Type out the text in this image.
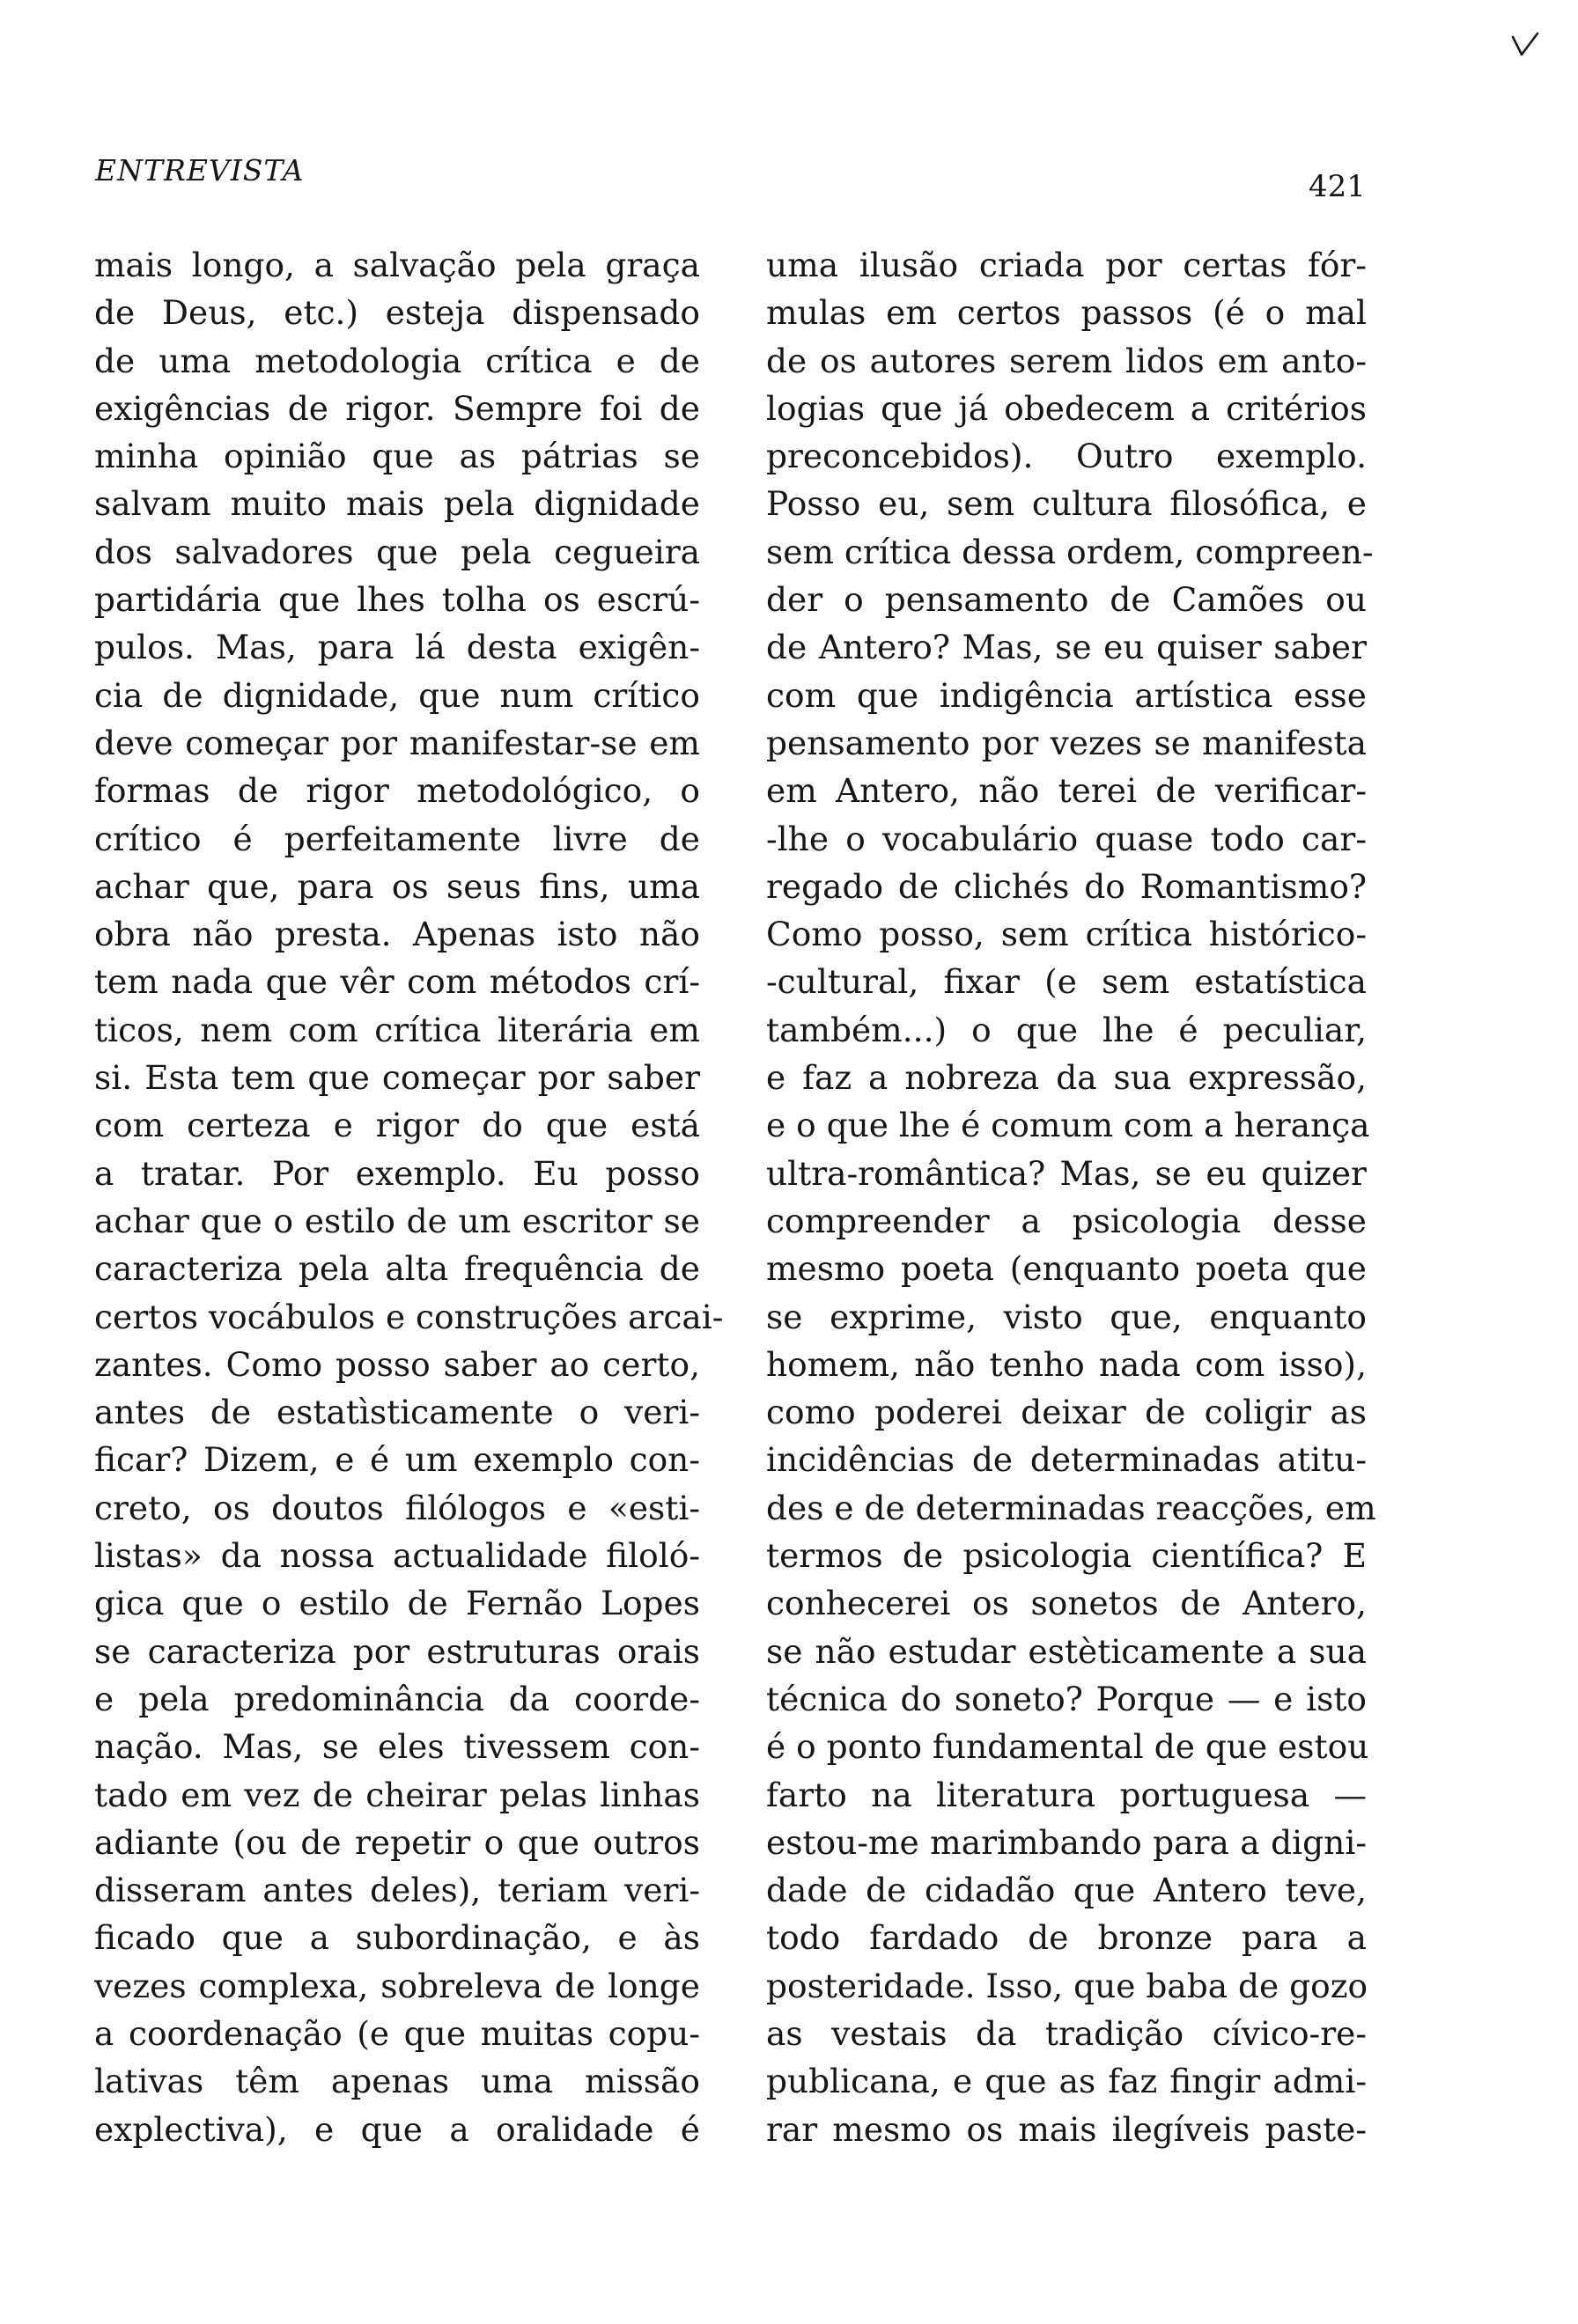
ENTREVISTA	421
mais longo, a salvação pela graça
de Deus, etc.) esteja dispensado
de uma metodologia crítica e de
exigências de rigor. Sempre foi de
minha opinião que as pátrias se
salvam muito mais pela dignidade
dos salvadores que pela cegueira
partidária que lhes tolha os escrú-
pulos. Mas, para lá desta exigên-
cia de dignidade, que num crítico
deve começar por manifestar-se em
formas de rigor metodológico, o
crítico é perfeitamente livre de
achar que, para os seus fins, uma
obra não presta. Apenas isto não
tem nada que vêr com métodos crí-
ticos, nem com crítica literária em
si. Esta tem que começar por saber
com certeza e rigor do que está
a tratar. Por exemplo. Eu posso
achar que o estilo de um escritor se
caracteriza pela alta frequência de
certos vocábulos e construções arcai-
zantes. Como posso saber ao certo,
antes de estatìsticamente o veri-
ficar? Dizem, e é um exemplo con-
creto, os doutos filólogos e «esti-
listas» da nossa actualidade filoló-
gica que o estilo de Fernão Lopes
se caracteriza por estruturas orais
e pela predominância da coorde-
nação. Mas, se eles tivessem con-
tado em vez de cheirar pelas linhas
adiante (ou de repetir o que outros
disseram antes deles), teriam veri-
ficado que a subordinação, e às
vezes complexa, sobreleva de longe
a coordenação (e que muitas copu-
lativas têm apenas uma missão
explectiva), e que a oralidade é
uma ilusão criada por certas fór-
mulas em certos passos (é o mal
de os autores serem lidos em anto-
logias que já obedecem a critérios
preconcebidos). Outro exemplo.
Posso eu, sem cultura filosófica, e
sem crítica dessa ordem, compreen-
der o pensamento de Camões ou
de Antero? Mas, se eu quiser saber
com que indigência artística esse
pensamento por vezes se manifesta
em Antero, não terei de verificar-
-lhe o vocabulário quase todo car-
regado de clichés do Romantismo?
Como posso, sem crítica histórico-
-cultural, fixar (e sem estatística
também...) o que lhe é peculiar,
e faz a nobreza da sua expressão,
e o que lhe é comum com a herança
ultra-romântica? Mas, se eu quizer
compreender a psicologia desse
mesmo poeta (enquanto poeta que
se exprime, visto que, enquanto
homem, não tenho nada com isso),
como poderei deixar de coligir as
incidências de determinadas atitu-
des e de determinadas reacções, em
termos de psicologia científica? E
conhecerei os sonetos de Antero,
se não estudar estèticamente a sua
técnica do soneto? Porque — e isto
é o ponto fundamental de que estou
farto na literatura portuguesa —
estou-me marimbando para a digni-
dade de cidadão que Antero teve,
todo fardado de bronze para a
posteridade. Isso, que baba de gozo
as vestais da tradição cívico-re-
publicana, e que as faz fingir admi-
rar mesmo os mais ilegíveis paste-
